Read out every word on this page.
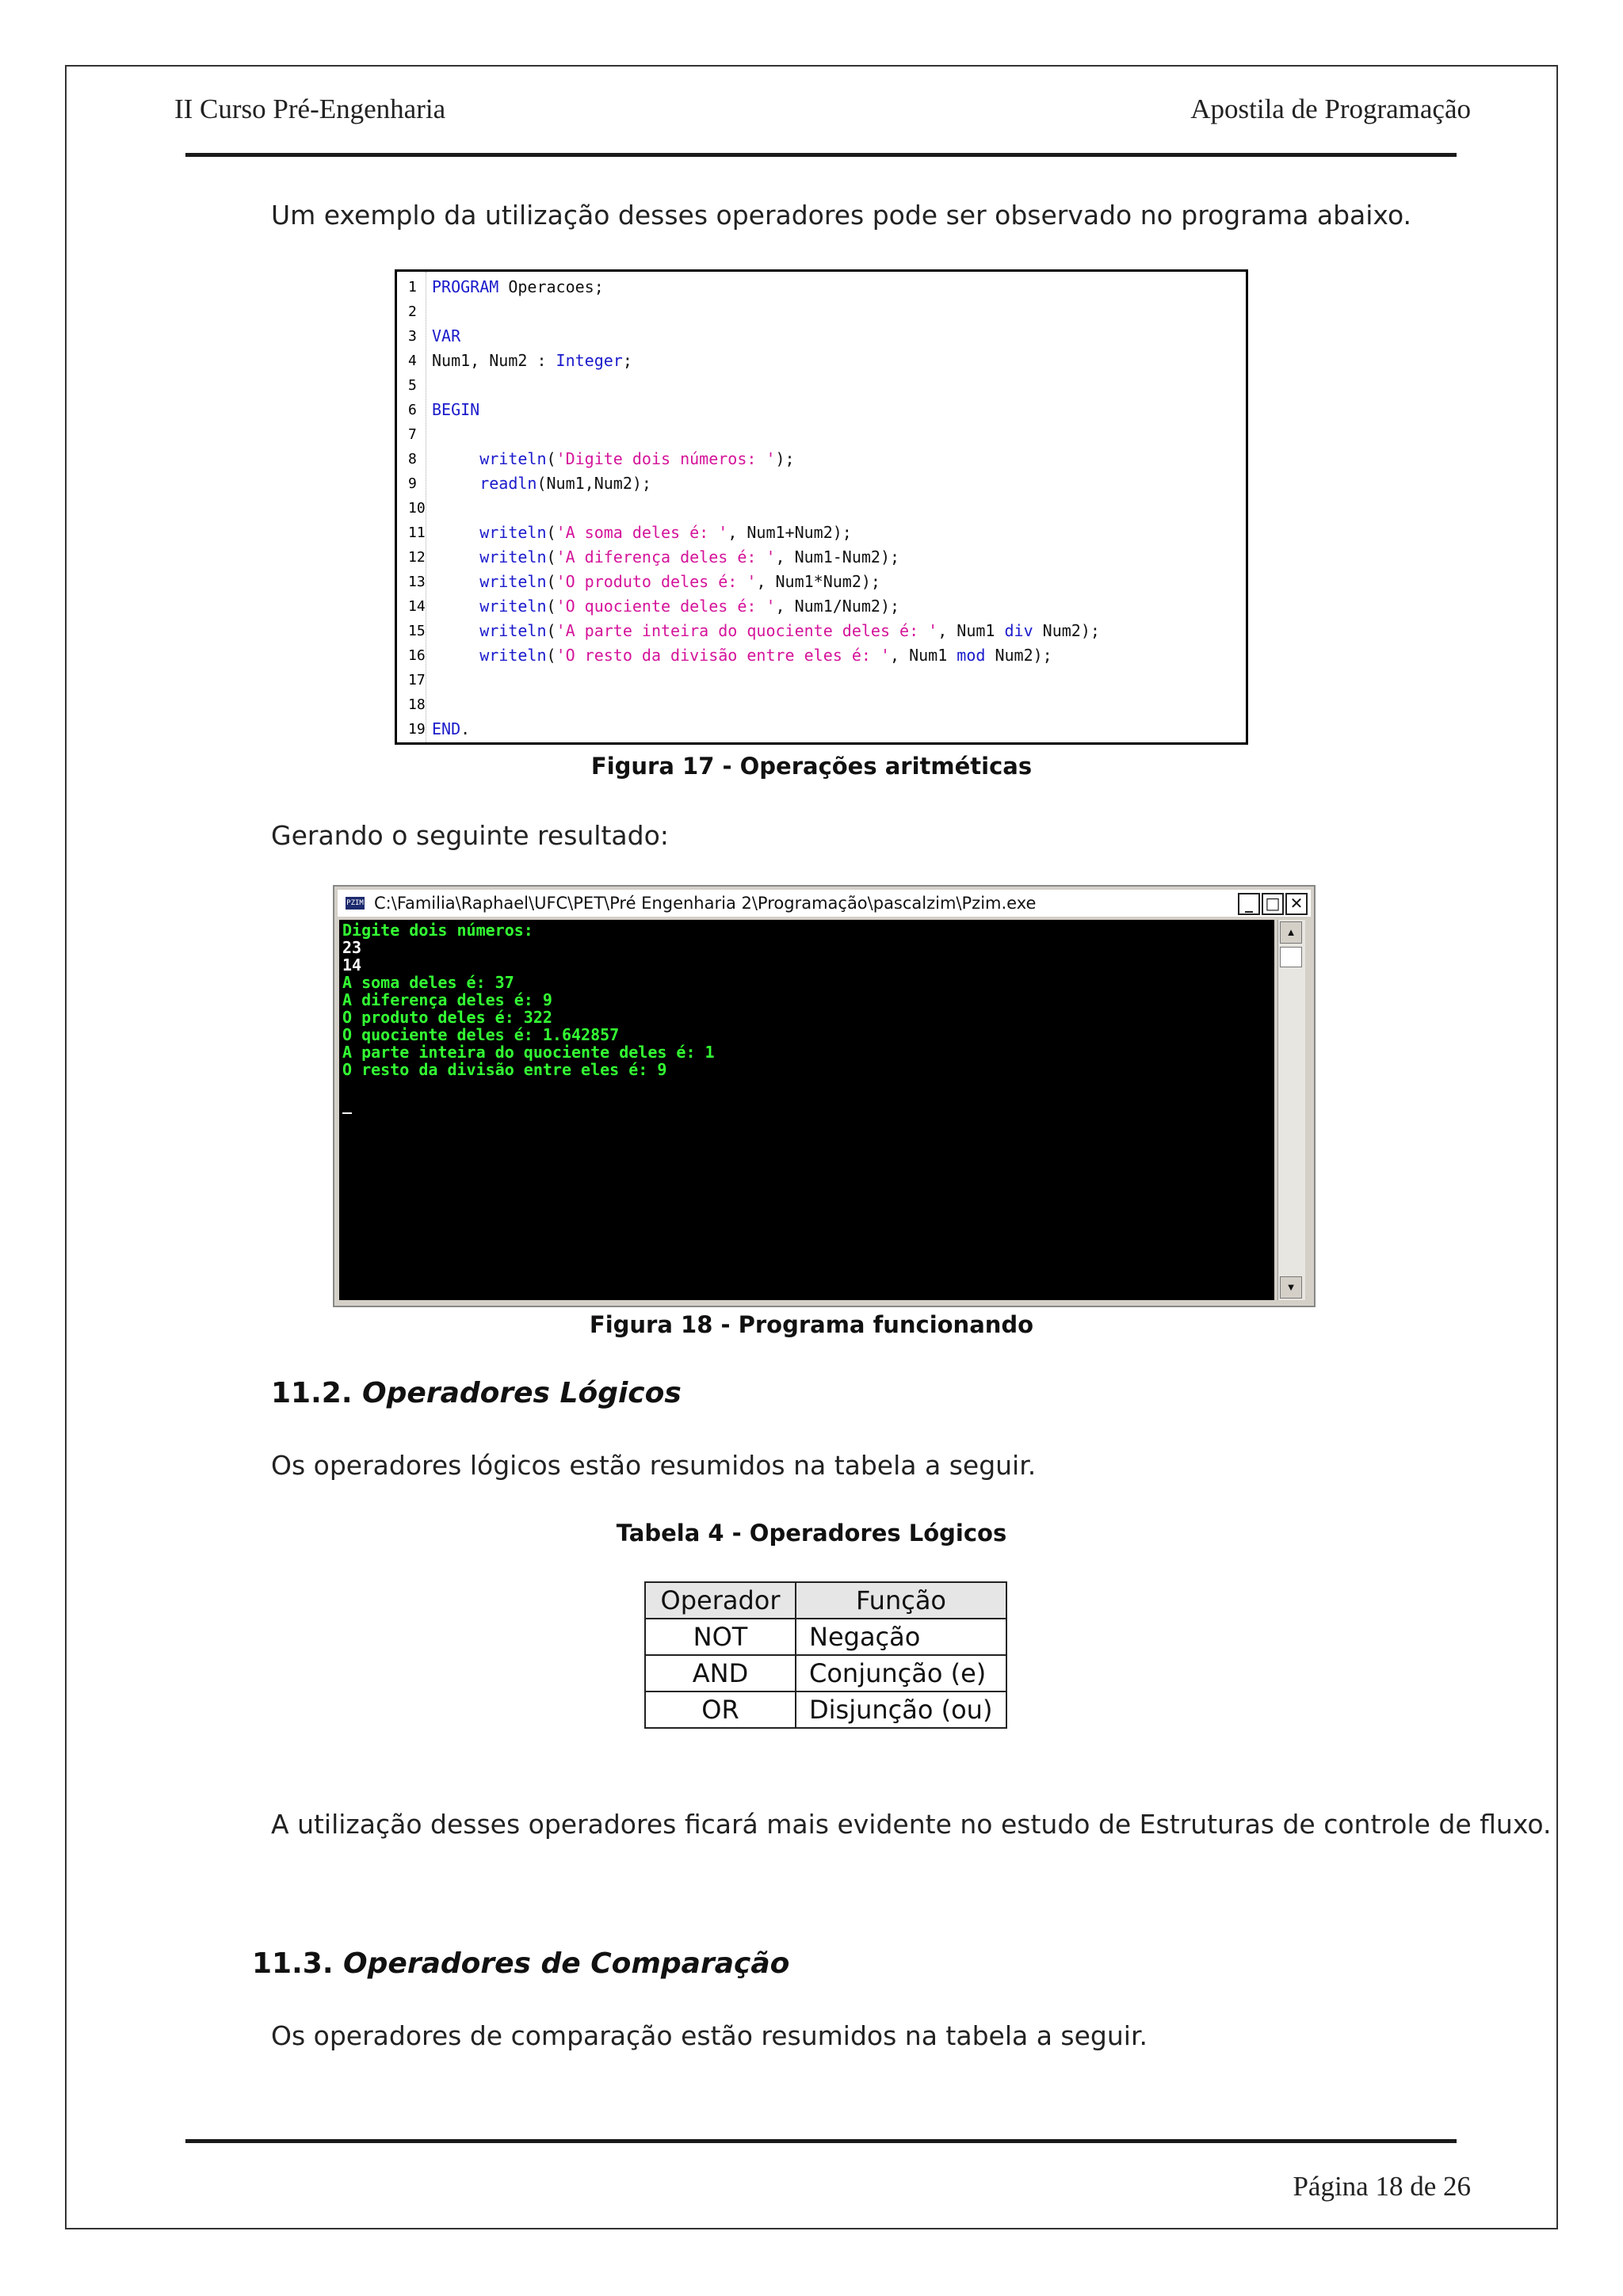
II Curso Pré-Engenharia	Apostila de Programação
Um exemplo da utilização desses operadores pode ser observado no programa abaixo.
1 PROGRAM Operacoes;
2
3 VAR
4 Num1, Num2 : Integer;
5
6 BEGIN
7
8	writeln('Digite dois números: ');
9	readln(Num1,Num2);
10
11	writeln('A soma deles é: ', Num1+Num2);
12	writeln('A diferença deles é: ', Num1-Num2);
13	writeln('O produto deles é: ', Num1*Num2);
14	writeln('O quociente deles é: ', Num1/Num2);
15	writeln('A parte inteira do quociente deles é: ', Num1 div Num2);
16	writeln('O resto da divisão entre eles é: ', Num1 mod Num2);
17
18
19 END.
Figura 17 - Operações aritméticas
Gerando o seguinte resultado:
PZIM C:\Familia\Raphael\UFC\PET\Pré Engenharia 2\Programação\pascalzim\Pzim.exe	_ □ ✕
Digite dois números:
23
14
A soma deles é: 37
A diferença deles é: 9
O produto deles é: 322
O quociente deles é: 1.642857
A parte inteira do quociente deles é: 1
O resto da divisão entre eles é: 9
_
▲
▼
Figura 18 - Programa funcionando
11.2. Operadores Lógicos
Os operadores lógicos estão resumidos na tabela a seguir.
Tabela 4 - Operadores Lógicos
Operador	Função
NOT	Negação
AND	Conjunção (e)
OR	Disjunção (ou)
A utilização desses operadores ficará mais evidente no estudo de Estruturas de controle de fluxo.
11.3. Operadores de Comparação
Os operadores de comparação estão resumidos na tabela a seguir.
Página 18 de 26
